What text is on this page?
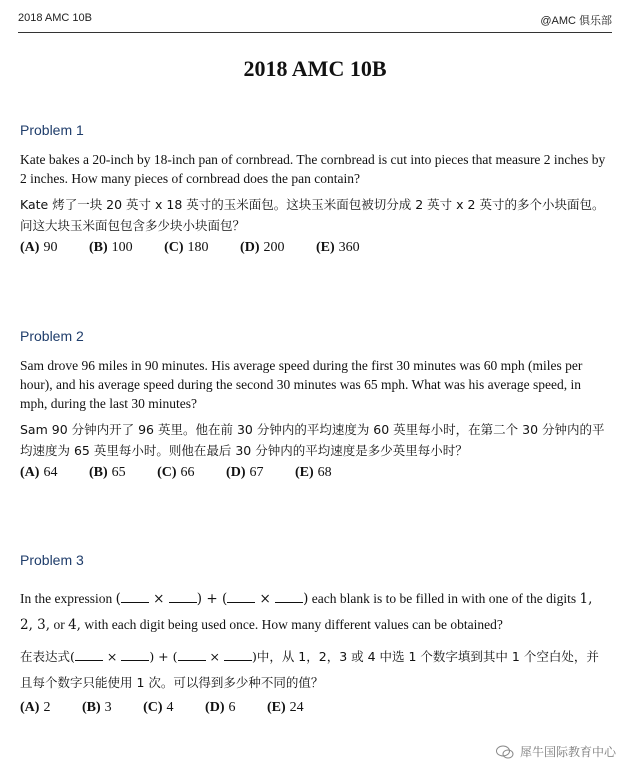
2018 AMC 10B	@AMC 俱乐部
2018 AMC 10B
Problem 1
Kate bakes a 20-inch by 18-inch pan of cornbread. The cornbread is cut into pieces that measure 2 inches by 2 inches. How many pieces of cornbread does the pan contain?
Kate 烤了一块 20 英寸 x 18 英寸的玉米面包。这块玉米面包被切分成 2 英寸 x 2 英寸的多个小块面包。问这大块玉米面包包含多少块小块面包？
(A) 90 (B) 100 (C) 180 (D) 200 (E) 360
Problem 2
Sam drove 96 miles in 90 minutes. His average speed during the first 30 minutes was 60 mph (miles per hour), and his average speed during the second 30 minutes was 65 mph. What was his average speed, in mph, during the last 30 minutes?
Sam 90 分钟内开了 96 英里。他在前 30 分钟内的平均速度为 60 英里每小时，在第二个 30 分钟内的平均速度为 65 英里每小时。则他在最后 30 分钟内的平均速度是多少英里每小时？
(A) 64 (B) 65 (C) 66 (D) 67 (E) 68
Problem 3
In the expression ( × ) + ( × ) each blank is to be filled in with one of the digits 1, 2, 3, or 4, with each digit being used once. How many different values can be obtained?
在表达式( × ) + ( × )中，从 1，2，3 或 4 中选 1 个数字填到其中 1 个空白处，并且每个数字只能使用 1 次。可以得到多少种不同的值？
(A) 2 (B) 3 (C) 4 (D) 6 (E) 24
犀牛国际教育中心
